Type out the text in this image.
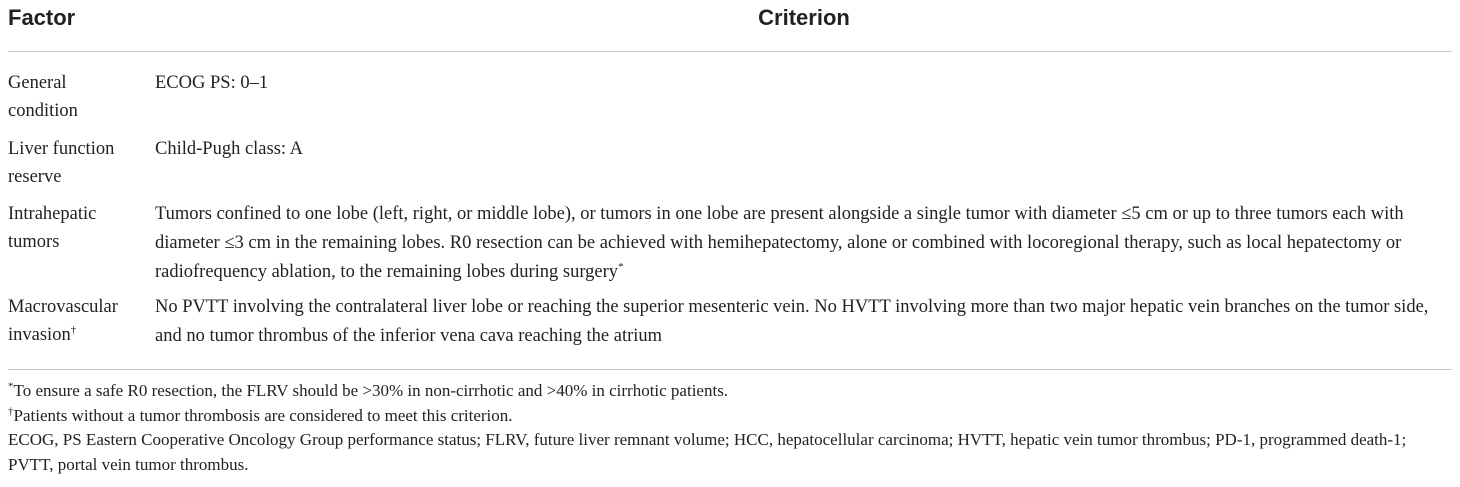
Factor	Criterion
General condition
ECOG PS: 0–1
Liver function reserve
Child-Pugh class: A
Intrahepatic tumors
Tumors confined to one lobe (left, right, or middle lobe), or tumors in one lobe are present alongside a single tumor with diameter ≤5 cm or up to three tumors each with diameter ≤3 cm in the remaining lobes. R0 resection can be achieved with hemihepatectomy, alone or combined with locoregional therapy, such as local hepatectomy or radiofrequency ablation, to the remaining lobes during surgery*
Macrovascular invasion†
No PVTT involving the contralateral liver lobe or reaching the superior mesenteric vein. No HVTT involving more than two major hepatic vein branches on the tumor side, and no tumor thrombus of the inferior vena cava reaching the atrium
*To ensure a safe R0 resection, the FLRV should be >30% in non-cirrhotic and >40% in cirrhotic patients.
†Patients without a tumor thrombosis are considered to meet this criterion.
ECOG, PS Eastern Cooperative Oncology Group performance status; FLRV, future liver remnant volume; HCC, hepatocellular carcinoma; HVTT, hepatic vein tumor thrombus; PD-1, programmed death-1; PVTT, portal vein tumor thrombus.
